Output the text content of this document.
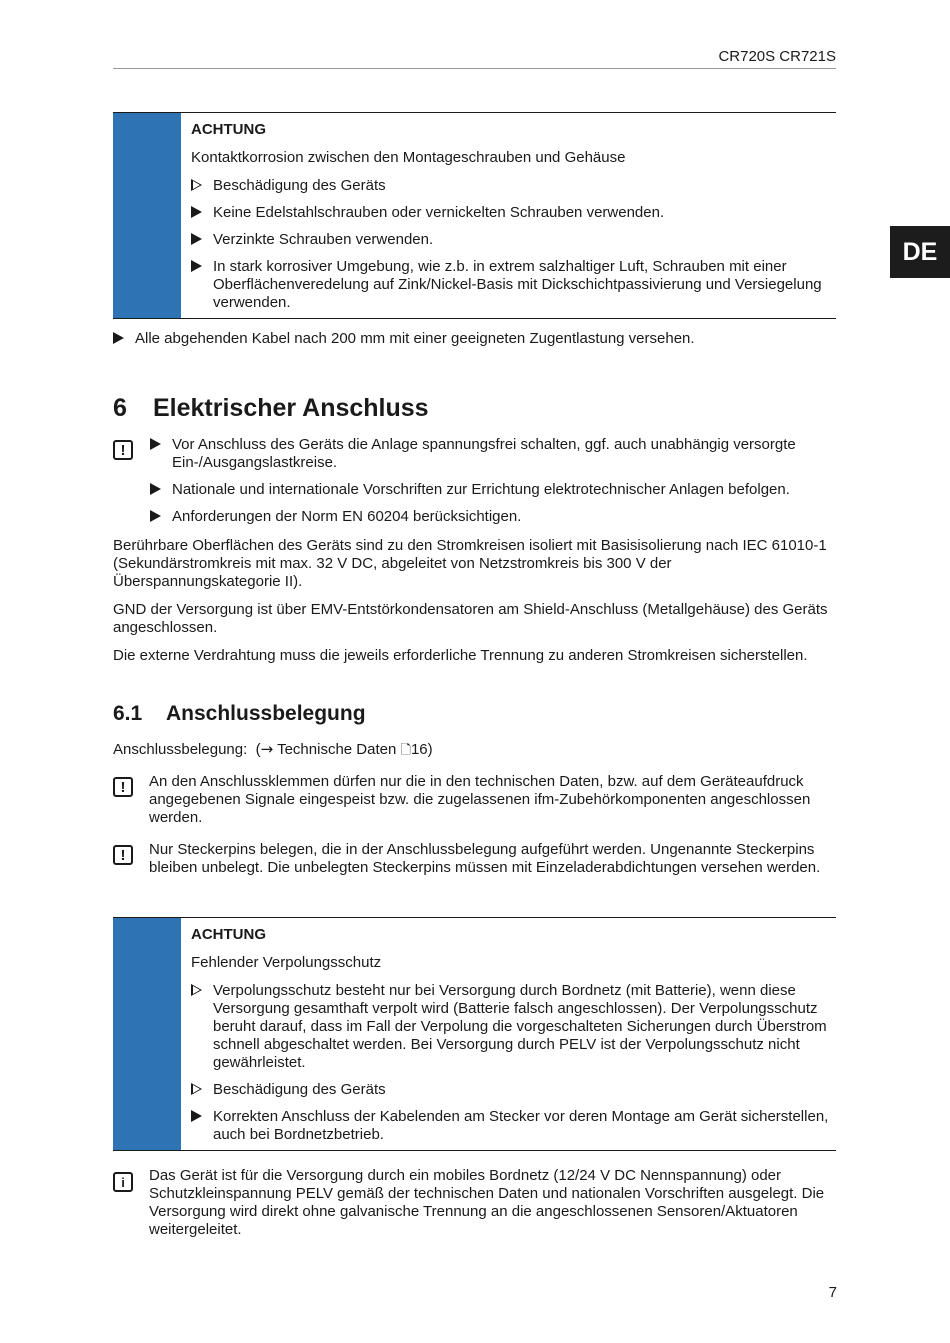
CR720S CR721S
DE
ACHTUNG
Kontaktkorrosion zwischen den Montageschrauben und Gehäuse
Beschädigung des Geräts
Keine Edelstahlschrauben oder vernickelten Schrauben verwenden.
Verzinkte Schrauben verwenden.
In stark korrosiver Umgebung, wie z.b. in extrem salzhaltiger Luft, Schrauben mit einer Oberflächenveredelung auf Zink/Nickel-Basis mit Dickschichtpassivierung und Versiegelung verwenden.
Alle abgehenden Kabel nach 200 mm mit einer geeigneten Zugentlastung versehen.
6 Elektrischer Anschluss
!	Vor Anschluss des Geräts die Anlage spannungsfrei schalten, ggf. auch unabhängig versorgte Ein-/Ausgangslastkreise.
Nationale und internationale Vorschriften zur Errichtung elektrotechnischer Anlagen befolgen.
Anforderungen der Norm EN 60204 berücksichtigen.
Berührbare Oberflächen des Geräts sind zu den Stromkreisen isoliert mit Basisisolierung nach IEC 61010-1 (Sekundärstromkreis mit max. 32 V DC, abgeleitet von Netzstromkreis bis 300 V der Überspannungskategorie II).
GND der Versorgung ist über EMV-Entstörkondensatoren am Shield-Anschluss (Metallgehäuse) des Geräts angeschlossen.
Die externe Verdrahtung muss die jeweils erforderliche Trennung zu anderen Stromkreisen sicherstellen.
6.1 Anschlussbelegung
Anschlussbelegung: (→ Technische Daten 🗋16)
!	An den Anschlussklemmen dürfen nur die in den technischen Daten, bzw. auf dem Geräteaufdruck angegebenen Signale eingespeist bzw. die zugelassenen ifm-Zubehörkomponenten angeschlossen werden.
!	Nur Steckerpins belegen, die in der Anschlussbelegung aufgeführt werden. Ungenannte Steckerpins bleiben unbelegt. Die unbelegten Steckerpins müssen mit Einzeladerabdichtungen versehen werden.
ACHTUNG
Fehlender Verpolungsschutz
Verpolungsschutz besteht nur bei Versorgung durch Bordnetz (mit Batterie), wenn diese Versorgung gesamthaft verpolt wird (Batterie falsch angeschlossen). Der Verpolungsschutz beruht darauf, dass im Fall der Verpolung die vorgeschalteten Sicherungen durch Überstrom schnell abgeschaltet werden. Bei Versorgung durch PELV ist der Verpolungsschutz nicht gewährleistet.
Beschädigung des Geräts
Korrekten Anschluss der Kabelenden am Stecker vor deren Montage am Gerät sicherstellen, auch bei Bordnetzbetrieb.
i	Das Gerät ist für die Versorgung durch ein mobiles Bordnetz (12/24 V DC Nennspannung) oder Schutzkleinspannung PELV gemäß der technischen Daten und nationalen Vorschriften ausgelegt. Die Versorgung wird direkt ohne galvanische Trennung an die angeschlossenen Sensoren/Aktuatoren weitergeleitet.
7
